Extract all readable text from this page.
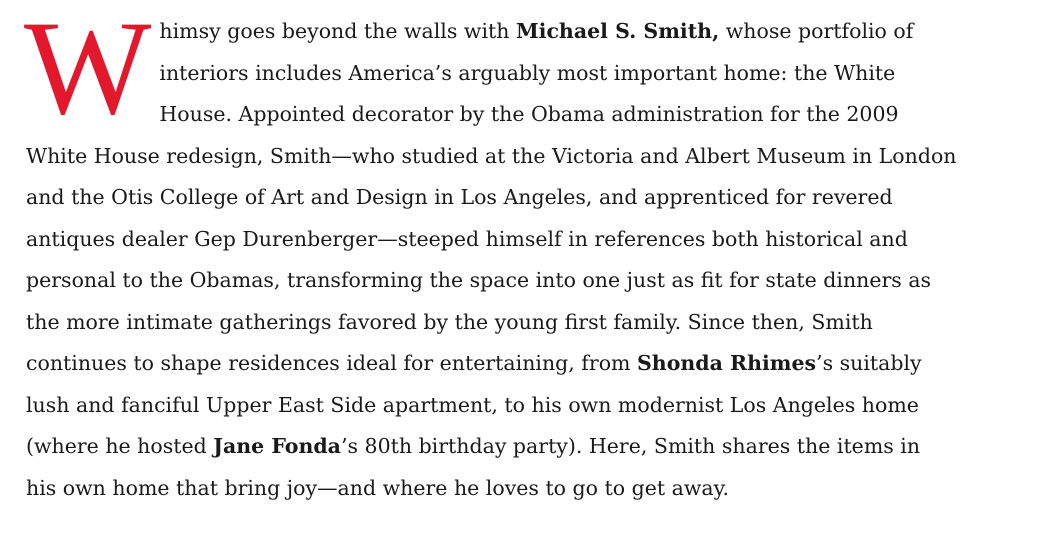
W himsy goes beyond the walls with Michael S. Smith, whose portfolio of
interiors includes America’s arguably most important home: the White
House. Appointed decorator by the Obama administration for the 2009
White House redesign, Smith—who studied at the Victoria and Albert Museum in London
and the Otis College of Art and Design in Los Angeles, and apprenticed for revered
antiques dealer Gep Durenberger—steeped himself in references both historical and
personal to the Obamas, transforming the space into one just as fit for state dinners as
the more intimate gatherings favored by the young first family. Since then, Smith
continues to shape residences ideal for entertaining, from Shonda Rhimes’s suitably
lush and fanciful Upper East Side apartment, to his own modernist Los Angeles home
(where he hosted Jane Fonda’s 80th birthday party). Here, Smith shares the items in
his own home that bring joy—and where he loves to go to get away.
